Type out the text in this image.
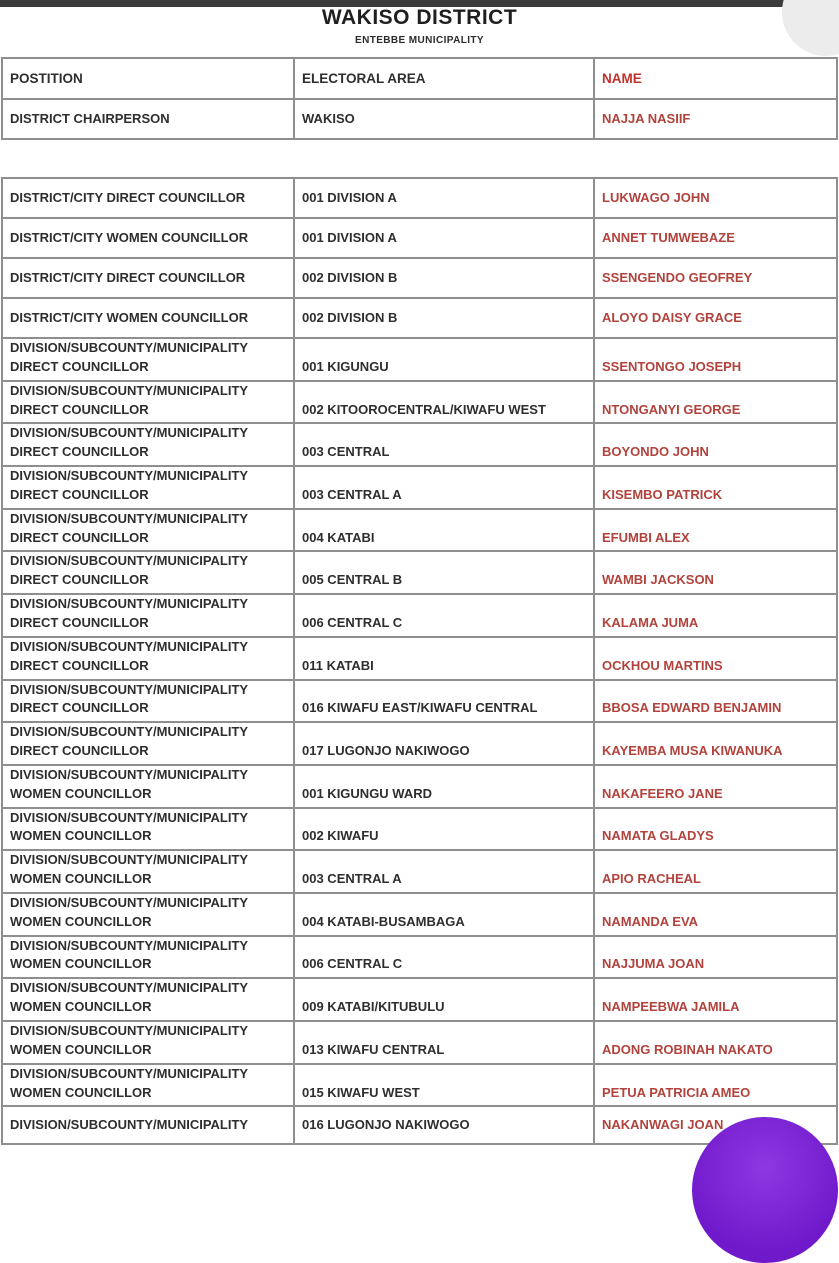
WAKISO DISTRICT
ENTEBBE MUNICIPALITY
POSTITION	ELECTORAL AREA	NAME
DISTRICT CHAIRPERSON	WAKISO	NAJJA NASIIF
DISTRICT/CITY DIRECT COUNCILLOR	001 DIVISION A	LUKWAGO JOHN
DISTRICT/CITY WOMEN COUNCILLOR	001 DIVISION A	ANNET TUMWEBAZE
DISTRICT/CITY DIRECT COUNCILLOR	002 DIVISION B	SSENGENDO GEOFREY
DISTRICT/CITY WOMEN COUNCILLOR	002 DIVISION B	ALOYO DAISY GRACE
DIVISION/SUBCOUNTY/MUNICIPALITY DIRECT COUNCILLOR	001 KIGUNGU	SSENTONGO JOSEPH
DIVISION/SUBCOUNTY/MUNICIPALITY DIRECT COUNCILLOR	002 KITOOROCENTRAL/KIWAFU WEST	NTONGANYI GEORGE
DIVISION/SUBCOUNTY/MUNICIPALITY DIRECT COUNCILLOR	003 CENTRAL	BOYONDO JOHN
DIVISION/SUBCOUNTY/MUNICIPALITY DIRECT COUNCILLOR	003 CENTRAL A	KISEMBO PATRICK
DIVISION/SUBCOUNTY/MUNICIPALITY DIRECT COUNCILLOR	004 KATABI	EFUMBI ALEX
DIVISION/SUBCOUNTY/MUNICIPALITY DIRECT COUNCILLOR	005 CENTRAL B	WAMBI JACKSON
DIVISION/SUBCOUNTY/MUNICIPALITY DIRECT COUNCILLOR	006 CENTRAL C	KALAMA JUMA
DIVISION/SUBCOUNTY/MUNICIPALITY DIRECT COUNCILLOR	011 KATABI	OCKHOU MARTINS
DIVISION/SUBCOUNTY/MUNICIPALITY DIRECT COUNCILLOR	016 KIWAFU EAST/KIWAFU CENTRAL	BBOSA EDWARD BENJAMIN
DIVISION/SUBCOUNTY/MUNICIPALITY DIRECT COUNCILLOR	017 LUGONJO NAKIWOGO	KAYEMBA MUSA KIWANUKA
DIVISION/SUBCOUNTY/MUNICIPALITY WOMEN COUNCILLOR	001 KIGUNGU WARD	NAKAFEERO JANE
DIVISION/SUBCOUNTY/MUNICIPALITY WOMEN COUNCILLOR	002 KIWAFU	NAMATA GLADYS
DIVISION/SUBCOUNTY/MUNICIPALITY WOMEN COUNCILLOR	003 CENTRAL A	APIO RACHEAL
DIVISION/SUBCOUNTY/MUNICIPALITY WOMEN COUNCILLOR	004 KATABI-BUSAMBAGA	NAMANDA EVA
DIVISION/SUBCOUNTY/MUNICIPALITY WOMEN COUNCILLOR	006 CENTRAL C	NAJJUMA JOAN
DIVISION/SUBCOUNTY/MUNICIPALITY WOMEN COUNCILLOR	009 KATABI/KITUBULU	NAMPEEBWA JAMILA
DIVISION/SUBCOUNTY/MUNICIPALITY WOMEN COUNCILLOR	013 KIWAFU CENTRAL	ADONG ROBINAH NAKATO
DIVISION/SUBCOUNTY/MUNICIPALITY WOMEN COUNCILLOR	015 KIWAFU WEST	PETUA PATRICIA AMEO
DIVISION/SUBCOUNTY/MUNICIPALITY	016 LUGONJO NAKIWOGO	NAKANWAGI JOAN
